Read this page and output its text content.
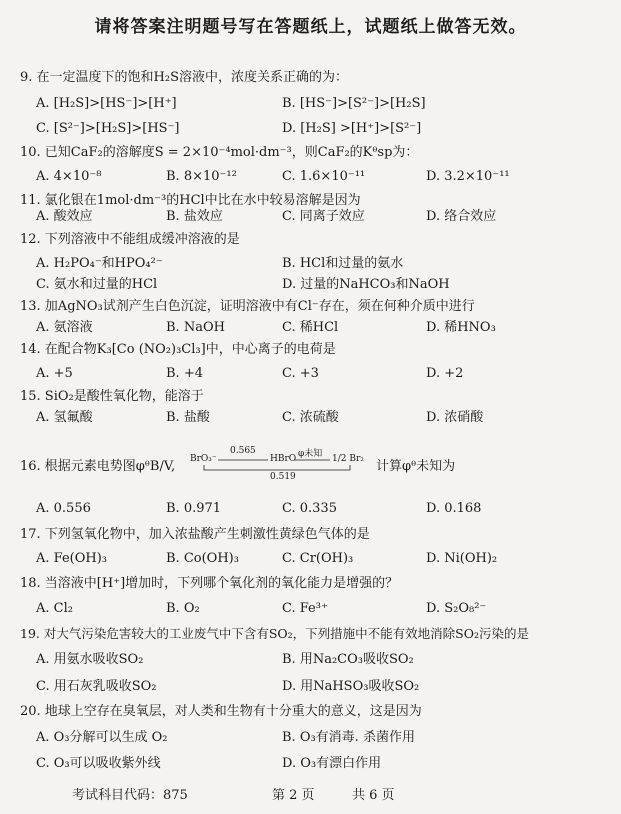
请将答案注明题号写在答题纸上，试题纸上做答无效。
9. 在一定温度下的饱和H₂S溶液中，浓度关系正确的为：
A. [H₂S]>[HS⁻]>[H⁺]	B. [HS⁻]>[S²⁻]>[H₂S]
C. [S²⁻]>[H₂S]>[HS⁻]	D. [H₂S] >[H⁺]>[S²⁻]
10. 已知CaF₂的溶解度S = 2×10⁻⁴mol·dm⁻³，则CaF₂的Kᶿsp为：
A. 4×10⁻⁸	B. 8×10⁻¹²	C. 1.6×10⁻¹¹	D. 3.2×10⁻¹¹
11. 氯化银在1mol·dm⁻³的HCl中比在水中较易溶解是因为
A. 酸效应	B. 盐效应	C. 同离子效应	D. 络合效应
12. 下列溶液中不能组成缓冲溶液的是
A. H₂PO₄⁻和HPO₄²⁻	B. HCl和过量的氨水
C. 氨水和过量的HCl	D. 过量的NaHCO₃和NaOH
13. 加AgNO₃试剂产生白色沉淀，证明溶液中有Cl⁻存在，须在何种介质中进行
A. 氨溶液	B. NaOH	C. 稀HCl	D. 稀HNO₃
14. 在配合物K₃[Co (NO₂)₃Cl₃]中，中心离子的电荷是
A. +5	B. +4	C. +3	D. +2
15. SiO₂是酸性氧化物，能溶于
A. 氢氟酸	B. 盐酸	C. 浓硫酸	D. 浓硝酸
16. 根据元素电势图φᶿB/V, BrO₃⁻
0.565
HBrO φ未知 1/2 Br₂
0.519
计算φᶿ未知为
A. 0.556	B. 0.971	C. 0.335	D. 0.168
17. 下列氢氧化物中，加入浓盐酸产生刺激性黄绿色气体的是
A. Fe(OH)₃	B. Co(OH)₃	C. Cr(OH)₃	D. Ni(OH)₂
18. 当溶液中[H⁺]增加时，下列哪个氧化剂的氧化能力是增强的？
A. Cl₂	B. O₂	C. Fe³⁺	D. S₂O₈²⁻
19. 对大气污染危害较大的工业废气中下含有SO₂，下列措施中不能有效地消除SO₂污染的是
A. 用氨水吸收SO₂	B. 用Na₂CO₃吸收SO₂
C. 用石灰乳吸收SO₂	D. 用NaHSO₃吸收SO₂
20. 地球上空存在臭氧层，对人类和生物有十分重大的意义，这是因为
A. O₃分解可以生成 O₂	B. O₃有消毒. 杀菌作用
C. O₃可以吸收紫外线	D. O₃有漂白作用
考试科目代码：875	第 2 页	共 6 页
